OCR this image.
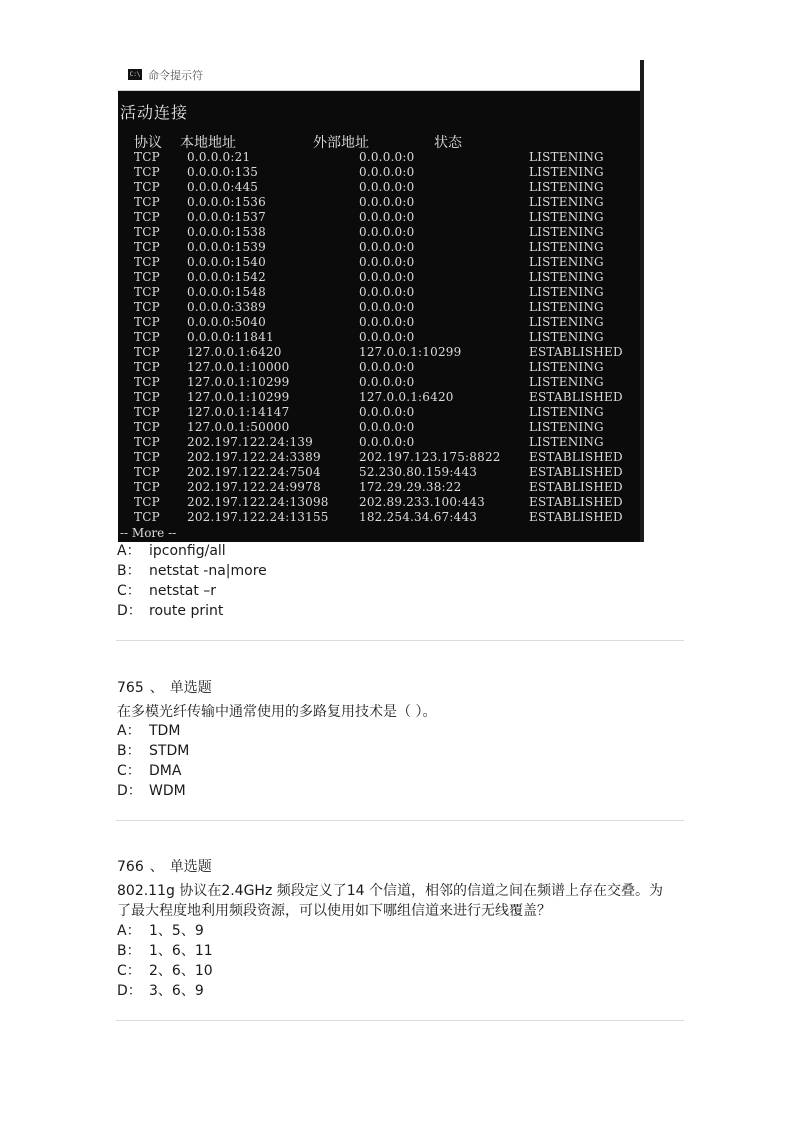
C:\ 命令提示符
活动连接
协议 本地地址	外部地址	状态
TCP 0.0.0.0:21	0.0.0.0:0	LISTENING
TCP 0.0.0.0:135	0.0.0.0:0	LISTENING
TCP 0.0.0.0:445	0.0.0.0:0	LISTENING
TCP 0.0.0.0:1536	0.0.0.0:0	LISTENING
TCP 0.0.0.0:1537	0.0.0.0:0	LISTENING
TCP 0.0.0.0:1538	0.0.0.0:0	LISTENING
TCP 0.0.0.0:1539	0.0.0.0:0	LISTENING
TCP 0.0.0.0:1540	0.0.0.0:0	LISTENING
TCP 0.0.0.0:1542	0.0.0.0:0	LISTENING
TCP 0.0.0.0:1548	0.0.0.0:0	LISTENING
TCP 0.0.0.0:3389	0.0.0.0:0	LISTENING
TCP 0.0.0.0:5040	0.0.0.0:0	LISTENING
TCP 0.0.0.0:11841	0.0.0.0:0	LISTENING
TCP 127.0.0.1:6420	127.0.0.1:10299	ESTABLISHED
TCP 127.0.0.1:10000	0.0.0.0:0	LISTENING
TCP 127.0.0.1:10299	0.0.0.0:0	LISTENING
TCP 127.0.0.1:10299	127.0.0.1:6420	ESTABLISHED
TCP 127.0.0.1:14147	0.0.0.0:0	LISTENING
TCP 127.0.0.1:50000	0.0.0.0:0	LISTENING
TCP 202.197.122.24:139	0.0.0.0:0	LISTENING
TCP 202.197.122.24:3389	202.197.123.175:8822 ESTABLISHED
TCP 202.197.122.24:7504	52.230.80.159:443	ESTABLISHED
TCP 202.197.122.24:9978	172.29.29.38:22	ESTABLISHED
TCP 202.197.122.24:13098	202.89.233.100:443	ESTABLISHED
TCP 202.197.122.24:13155	182.254.34.67:443	ESTABLISHED
-- More --
A： ipconfig/all
B： netstat -na|more
C： netstat –r
D： route print
765 、 单选题
在多模光纤传输中通常使用的多路复用技术是（ ）。
A： TDM
B： STDM
C： DMA
D： WDM
766 、 单选题
802.11g 协议在2.4GHz 频段定义了14 个信道，相邻的信道之间在频谱上存在交叠。为
了最大程度地利用频段资源，可以使用如下哪组信道来进行无线覆盖？
A： 1、5、9
B： 1、6、11
C： 2、6、10
D： 3、6、9
